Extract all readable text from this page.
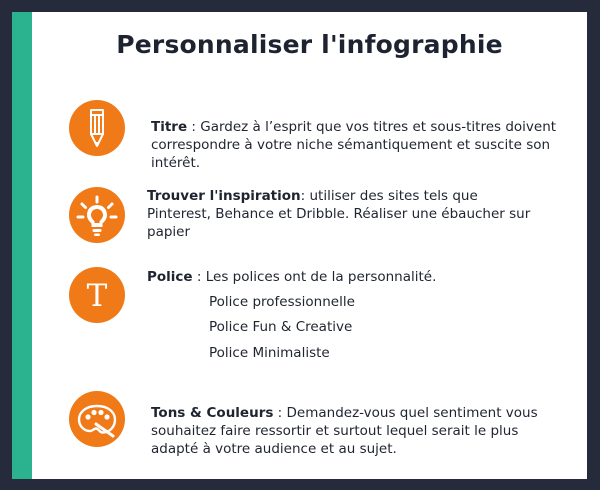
Personnaliser l'infographie
Titre : Gardez à l’esprit que vos titres et sous-titres doivent correspondre à votre niche sémantiquement et suscite son intérêt.
Trouver l'inspiration: utiliser des sites tels que Pinterest, Behance et Dribble. Réaliser une ébaucher sur papier
T
Police : Les polices ont de la personnalité.
Police professionnelle
Police Fun & Creative
Police Minimaliste
Tons & Couleurs : Demandez-vous quel sentiment vous souhaitez faire ressortir et surtout lequel serait le plus adapté à votre audience et au sujet.
